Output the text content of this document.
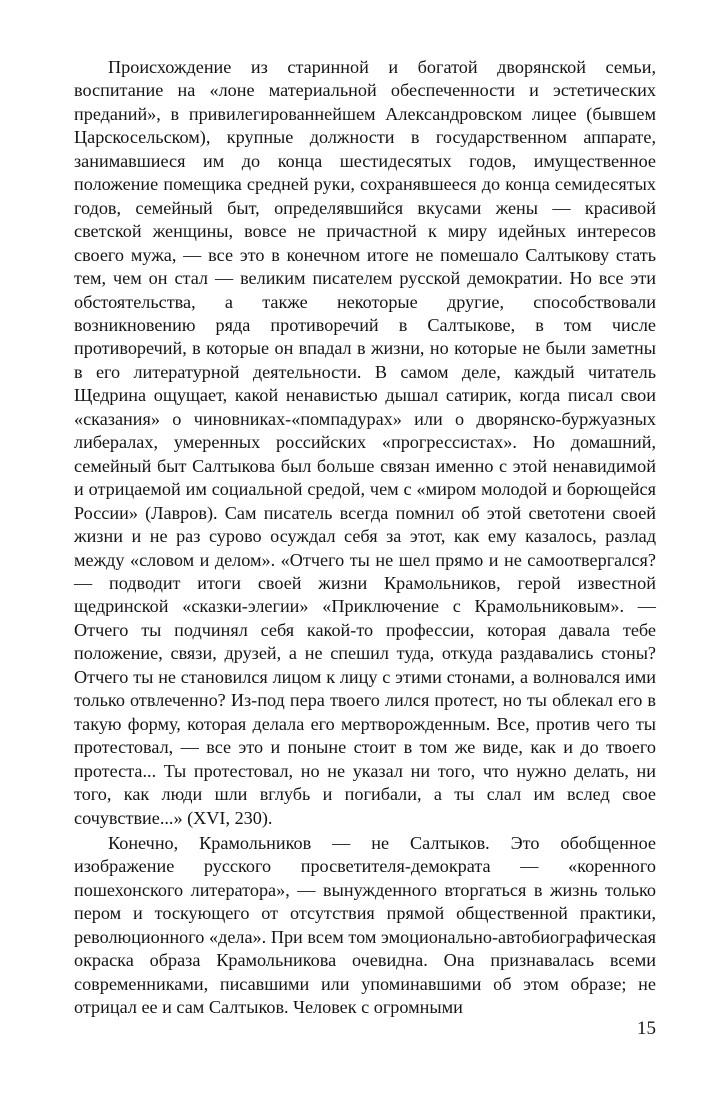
Происхождение из старинной и богатой дворянской семьи, воспитание на «лоне материальной обеспеченности и эстетических преданий», в привилегированнейшем Александровском лицее (бывшем Царскосельском), крупные должности в государственном аппарате, занимавшиеся им до конца шестидесятых годов, имущественное положение помещика средней руки, сохранявшееся до конца семидесятых годов, семейный быт, определявшийся вкусами жены — красивой светской женщины, вовсе не причастной к миру идейных интересов своего мужа, — все это в конечном итоге не помешало Салтыкову стать тем, чем он стал — великим писателем русской демократии. Но все эти обстоятельства, а также некоторые другие, способствовали возникновению ряда противоречий в Салтыкове, в том числе противоречий, в которые он впадал в жизни, но которые не были заметны в его литературной деятельности. В самом деле, каждый читатель Щедрина ощущает, какой ненавистью дышал сатирик, когда писал свои «сказания» о чиновниках-«помпадурах» или о дворянско-буржуазных либералах, умеренных российских «прогрессистах». Но домашний, семейный быт Салтыкова был больше связан именно с этой ненавидимой и отрицаемой им социальной средой, чем с «миром молодой и борющейся России» (Лавров). Сам писатель всегда помнил об этой светотени своей жизни и не раз сурово осуждал себя за этот, как ему казалось, разлад между «словом и делом». «Отчего ты не шел прямо и не самоотвергался? — подводит итоги своей жизни Крамольников, герой известной щедринской «сказки-элегии» «Приключение с Крамольниковым». — Отчего ты подчинял себя какой-то профессии, которая давала тебе положение, связи, друзей, а не спешил туда, откуда раздавались стоны? Отчего ты не становился лицом к лицу с этими стонами, а волновался ими только отвлеченно? Из-под пера твоего лился протест, но ты облекал его в такую форму, которая делала его мертворожденным. Все, против чего ты протестовал, — все это и поныне стоит в том же виде, как и до твоего протеста... Ты протестовал, но не указал ни того, что нужно делать, ни того, как люди шли вглубь и погибали, а ты слал им вслед свое сочувствие...» (XVI, 230).

Конечно, Крамольников — не Салтыков. Это обобщенное изображение русского просветителя-демократа — «коренного пошехонского литератора», — вынужденного вторгаться в жизнь только пером и тоскующего от отсутствия прямой общественной практики, революционного «дела». При всем том эмоционально-автобиографическая окраска образа Крамольникова очевидна. Она признавалась всеми современниками, писавшими или упоминавшими об этом образе; не отрицал ее и сам Салтыков. Человек с огромными

15
